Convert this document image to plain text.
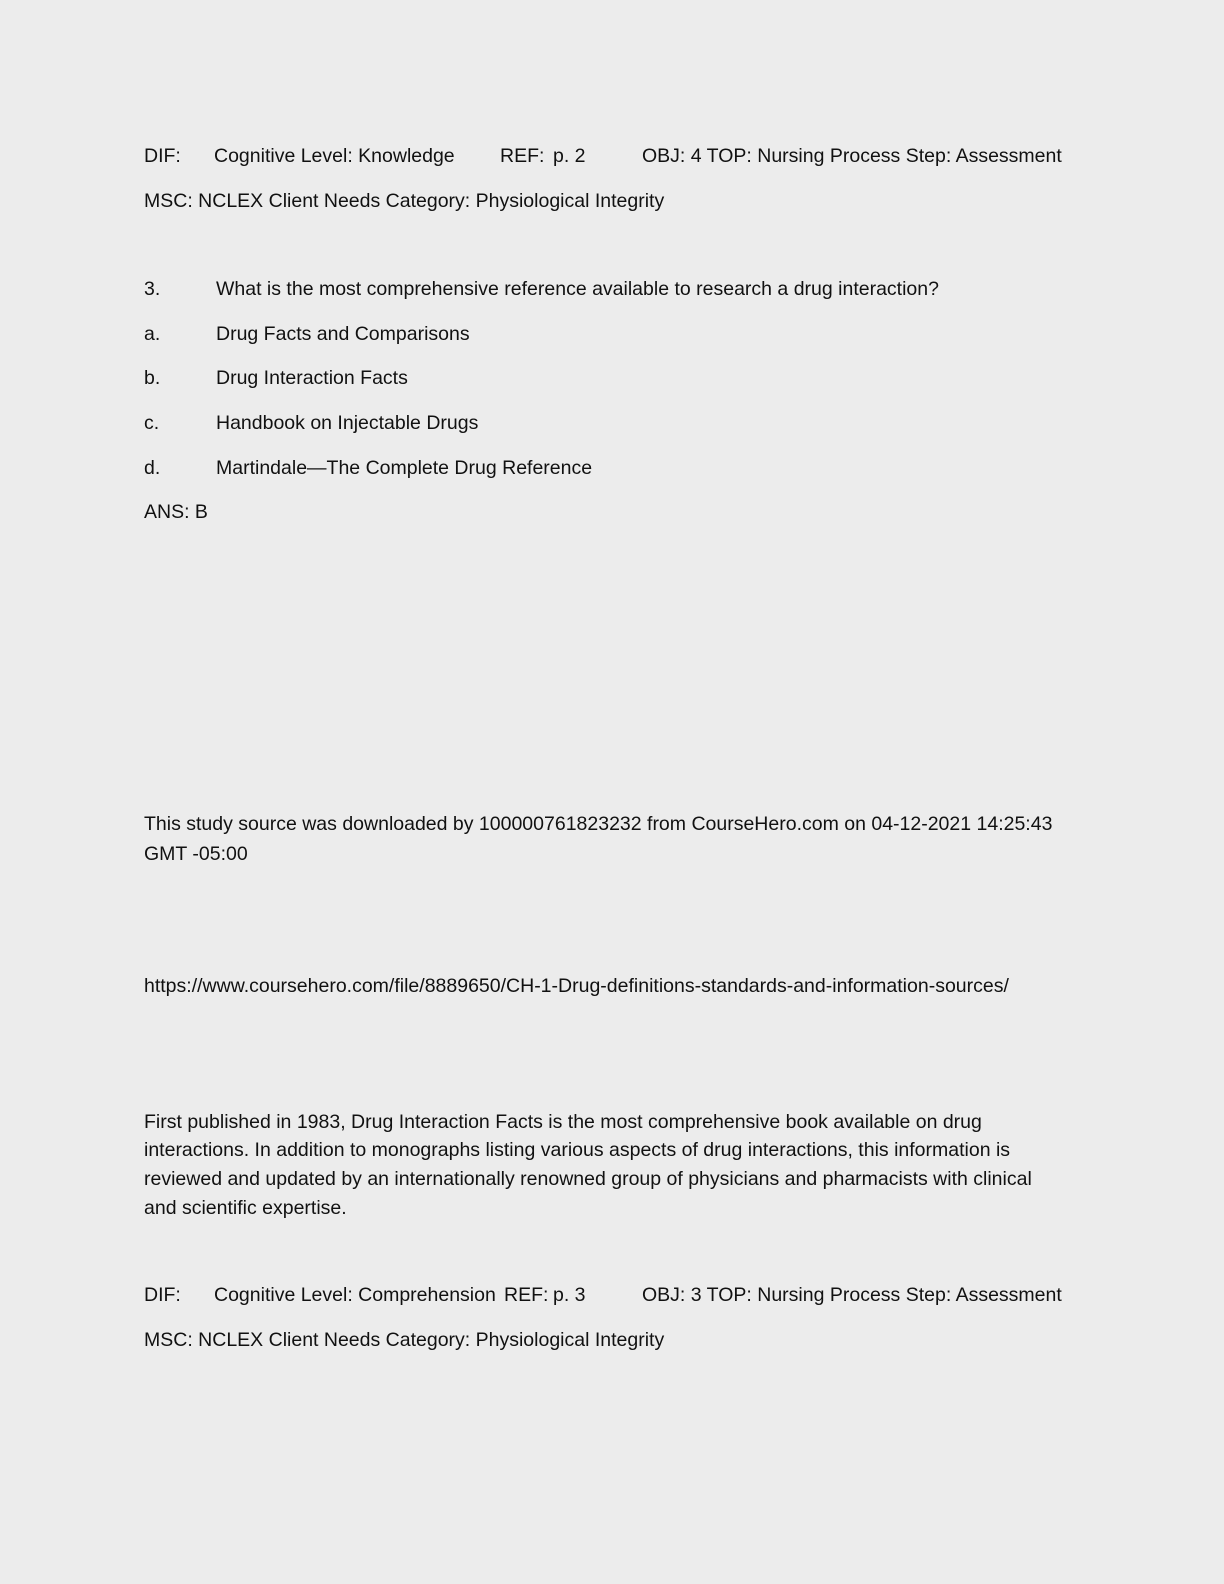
DIF: Cognitive Level: Knowledge REF: p. 2	OBJ: 4 TOP: Nursing Process Step: Assessment
MSC: NCLEX Client Needs Category: Physiological Integrity
3.	What is the most comprehensive reference available to research a drug interaction?
a.	Drug Facts and Comparisons
b.	Drug Interaction Facts
c.	Handbook on Injectable Drugs
d.	Martindale—The Complete Drug Reference
ANS: B
This study source was downloaded by 100000761823232 from CourseHero.com on 04-12-2021 14:25:43
GMT -05:00
https://www.coursehero.com/file/8889650/CH-1-Drug-definitions-standards-and-information-sources/
First published in 1983, Drug Interaction Facts is the most comprehensive book available on drug
interactions. In addition to monographs listing various aspects of drug interactions, this information is
reviewed and updated by an internationally renowned group of physicians and pharmacists with clinical
and scientific expertise.
DIF: Cognitive Level: Comprehension REF: p. 3	OBJ: 3 TOP: Nursing Process Step: Assessment
MSC: NCLEX Client Needs Category: Physiological Integrity
